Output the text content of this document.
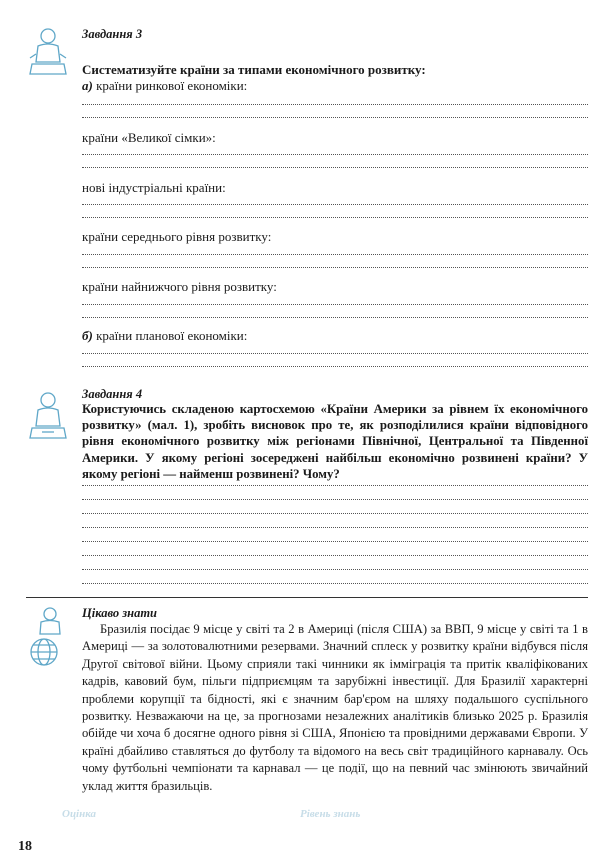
Завдання 3
Систематизуйте країни за типами економічного розвитку:
а) країни ринкової економіки:
країни «Великої сімки»:
нові індустріальні країни:
країни середнього рівня розвитку:
країни найнижчого рівня розвитку:
б) країни планової економіки:
Завдання 4
Користуючись складеною картосхемою «Країни Америки за рівнем їх економічного розвитку» (мал. 1), зробіть висновок про те, як розподілилися країни відповідного рівня економічного розвитку між регіонами Північної, Центральної та Південної Америки. У якому регіоні зосереджені найбільш економічно розвинені країни? У якому регіоні — найменш розвинені? Чому?
Цікаво знати
Бразилія посідає 9 місце у світі та 2 в Америці (після США) за ВВП, 9 місце у світі та 1 в Америці — за золотовалютними резервами. Значний сплеск у розвитку країни відбувся після Другої світової війни. Цьому сприяли такі чинники як імміграція та притік кваліфікованих кадрів, кавовий бум, пільги підприємцям та зарубіжні інвестиції. Для Бразилії характерні проблеми корупції та бідності, які є значним бар'єром на шляху подальшого суспільного розвитку. Незважаючи на це, за прогнозами незалежних аналітиків близько 2025 р. Бразилія обійде чи хоча б досягне одного рівня зі США, Японією та провідними державами Європи. У країні дбайливо ставляться до футболу та відомого на весь світ традиційного карнавалу. Ось чому футбольні чемпіонати та карнавал — це події, що на певний час змінюють звичайний уклад життя бразильців.
Оцінка	Рівень знань
18
